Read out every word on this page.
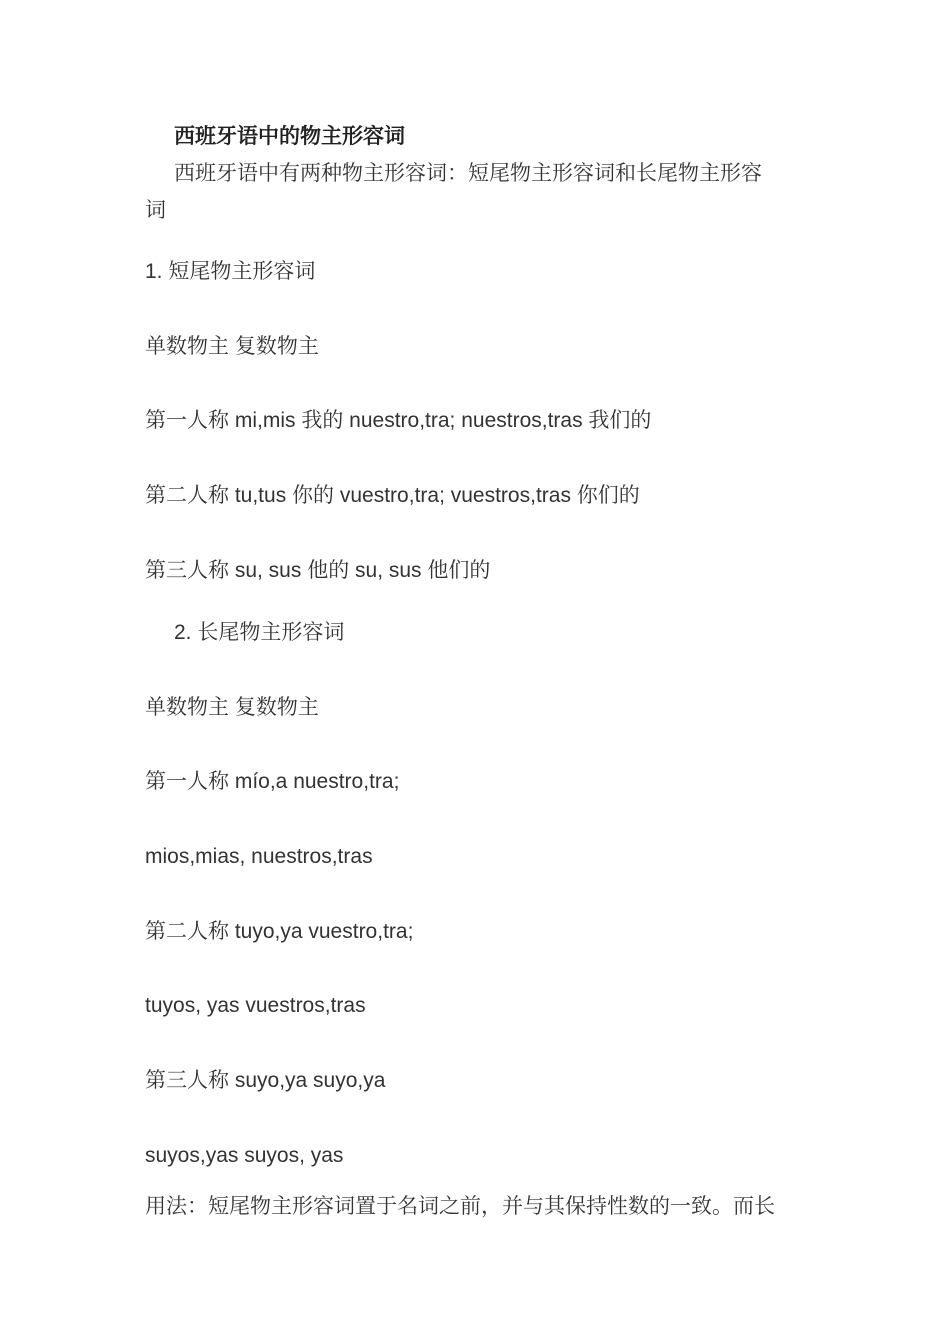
西班牙语中的物主形容词
西班牙语中有两种物主形容词：短尾物主形容词和长尾物主形容
词
1. 短尾物主形容词
单数物主 复数物主
第一人称 mi,mis 我的 nuestro,tra; nuestros,tras 我们的
第二人称 tu,tus 你的 vuestro,tra; vuestros,tras 你们的
第三人称 su, sus 他的 su, sus 他们的
2. 长尾物主形容词
单数物主 复数物主
第一人称 mío,a nuestro,tra;
mios,mias, nuestros,tras
第二人称 tuyo,ya vuestro,tra;
tuyos, yas vuestros,tras
第三人称 suyo,ya suyo,ya
suyos,yas suyos, yas
用法：短尾物主形容词置于名词之前，并与其保持性数的一致。而长
